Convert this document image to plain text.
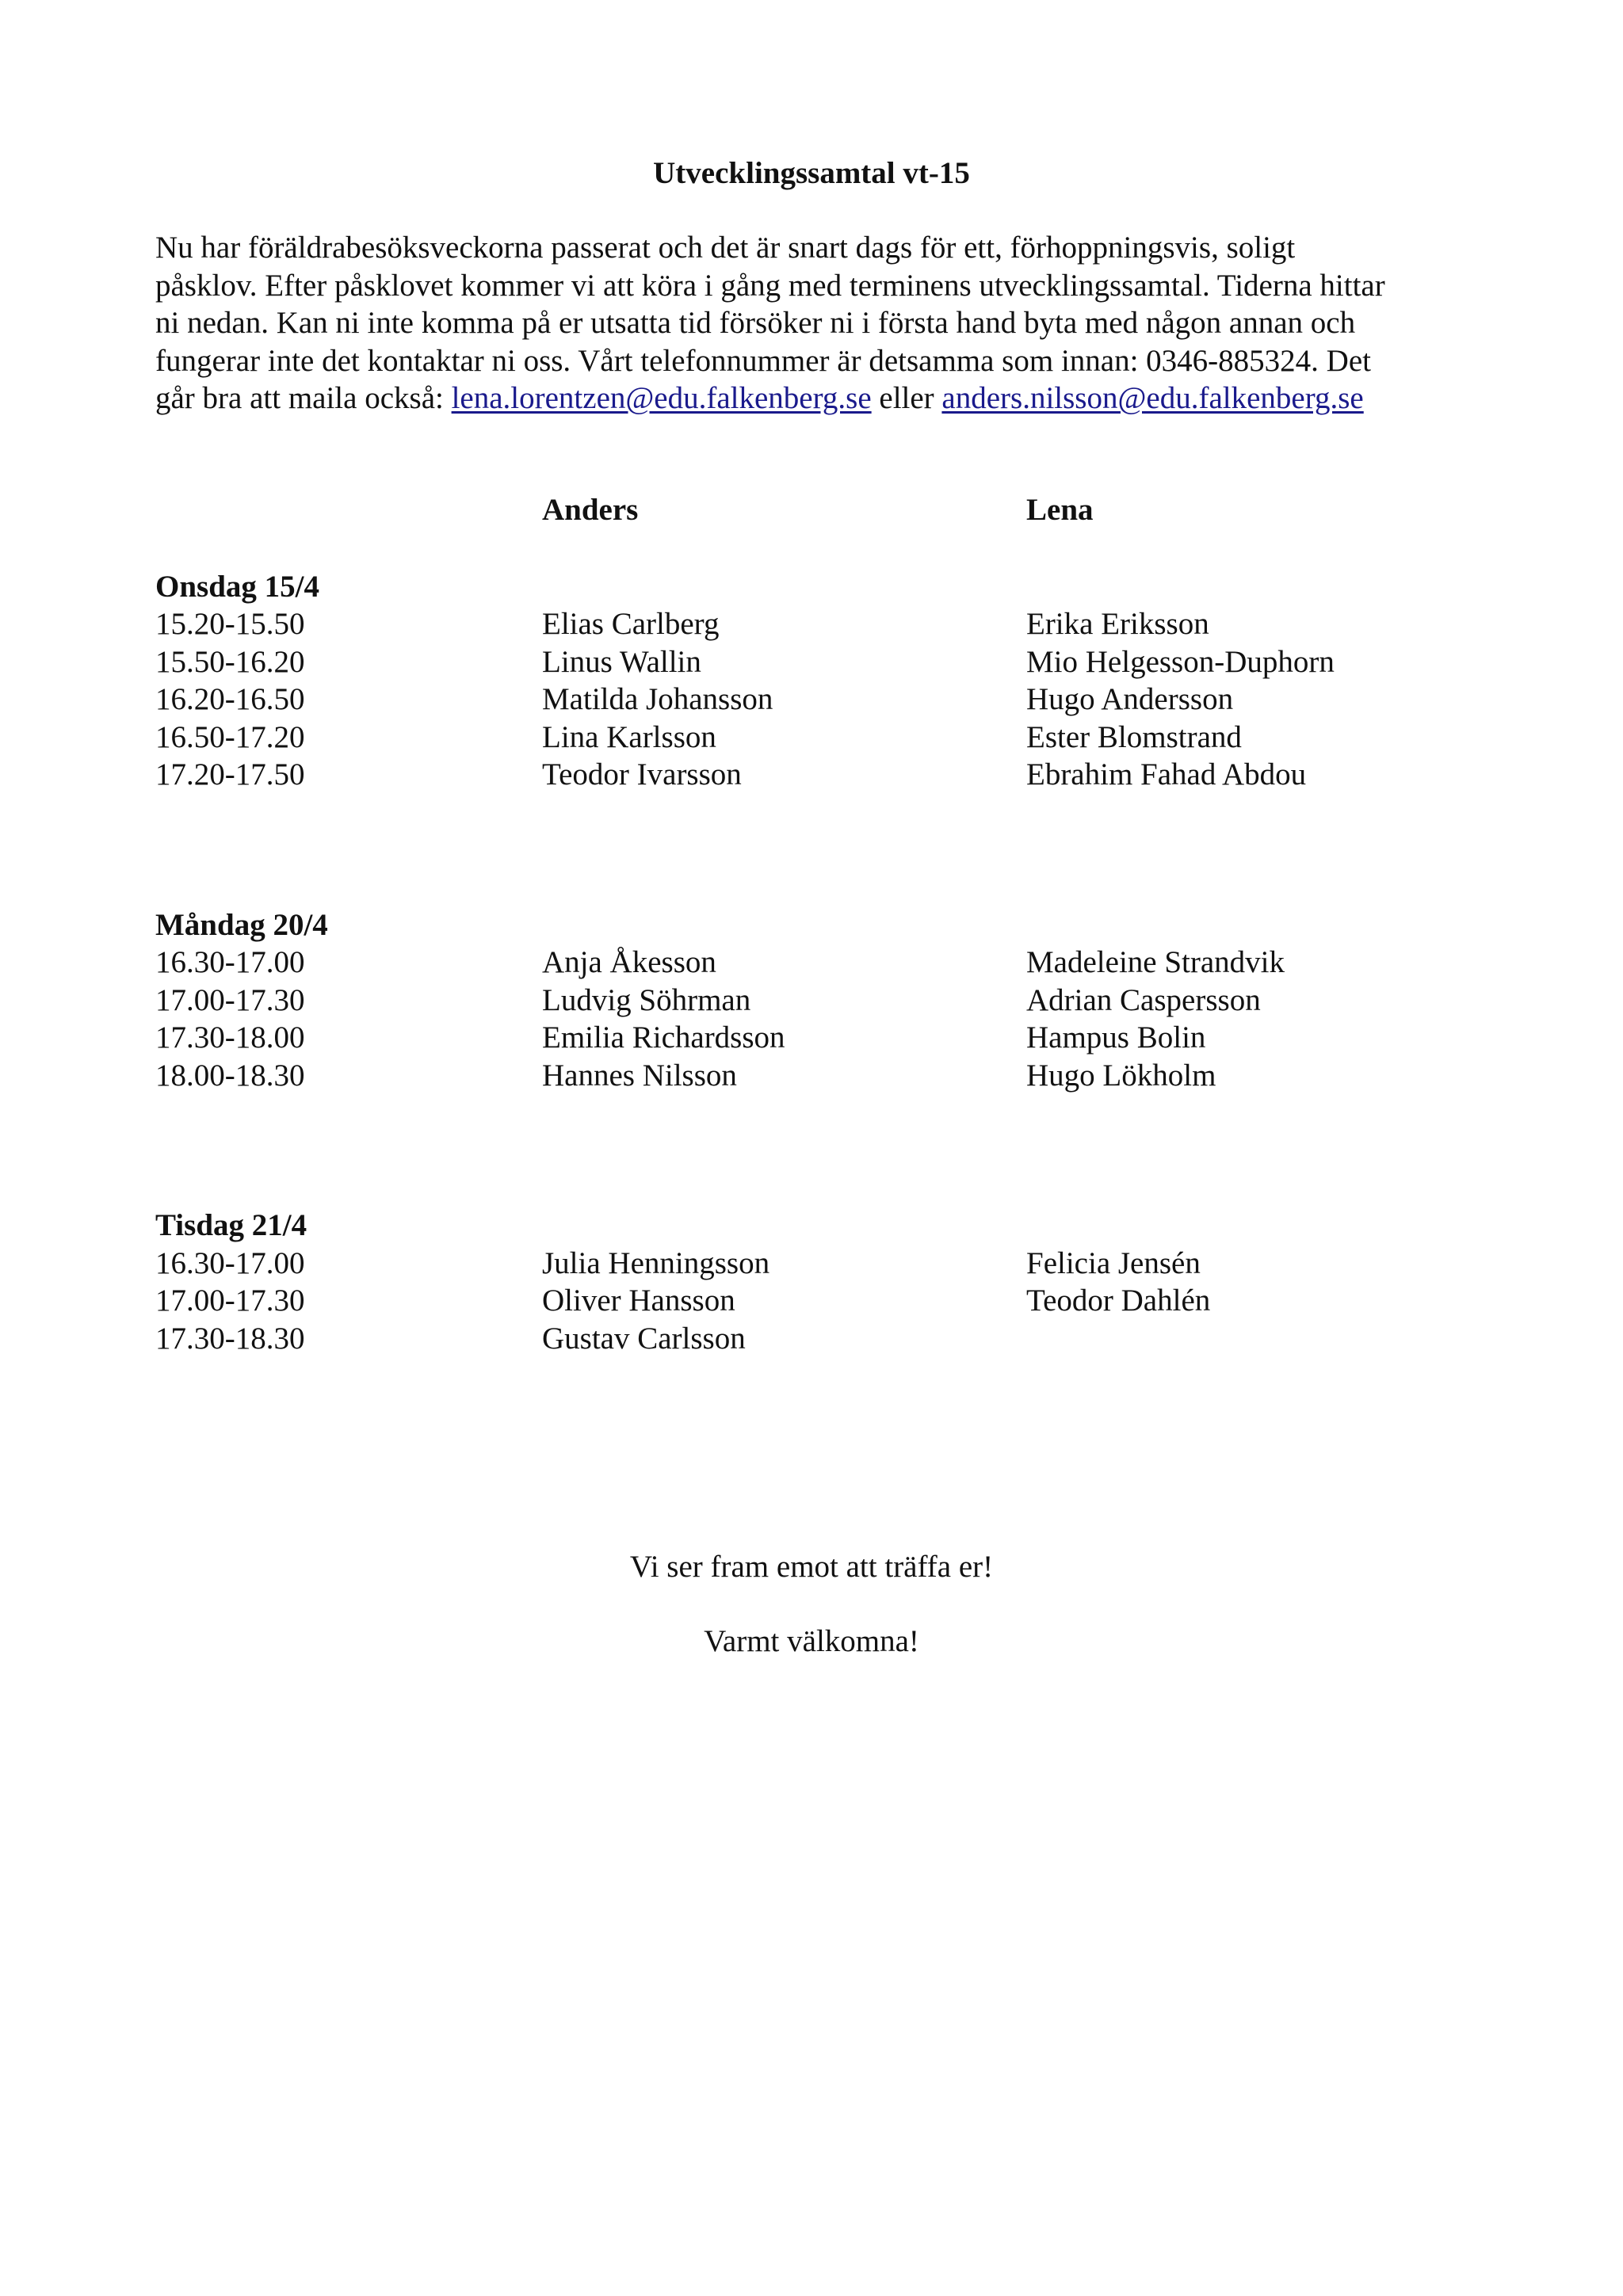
Utvecklingssamtal vt-15
Nu har föräldrabesöksveckorna passerat och det är snart dags för ett, förhoppningsvis, soligt
påsklov. Efter påsklovet kommer vi att köra i gång med terminens utvecklingssamtal. Tiderna hittar
ni nedan. Kan ni inte komma på er utsatta tid försöker ni i första hand byta med någon annan och
fungerar inte det kontaktar ni oss. Vårt telefonnummer är detsamma som innan: 0346-885324. Det
går bra att maila också: lena.lorentzen@edu.falkenberg.se eller anders.nilsson@edu.falkenberg.se
Anders	Lena
Onsdag 15/4
15.20-15.50	Elias Carlberg	Erika Eriksson
15.50-16.20	Linus Wallin	Mio Helgesson-Duphorn
16.20-16.50	Matilda Johansson	Hugo Andersson
16.50-17.20	Lina Karlsson	Ester Blomstrand
17.20-17.50	Teodor Ivarsson	Ebrahim Fahad Abdou
Måndag 20/4
16.30-17.00	Anja Åkesson	Madeleine Strandvik
17.00-17.30	Ludvig Söhrman	Adrian Caspersson
17.30-18.00	Emilia Richardsson	Hampus Bolin
18.00-18.30	Hannes Nilsson	Hugo Lökholm
Tisdag 21/4
16.30-17.00	Julia Henningsson	Felicia Jensén
17.00-17.30	Oliver Hansson	Teodor Dahlén
17.30-18.30	Gustav Carlsson
Vi ser fram emot att träffa er!
Varmt välkomna!
